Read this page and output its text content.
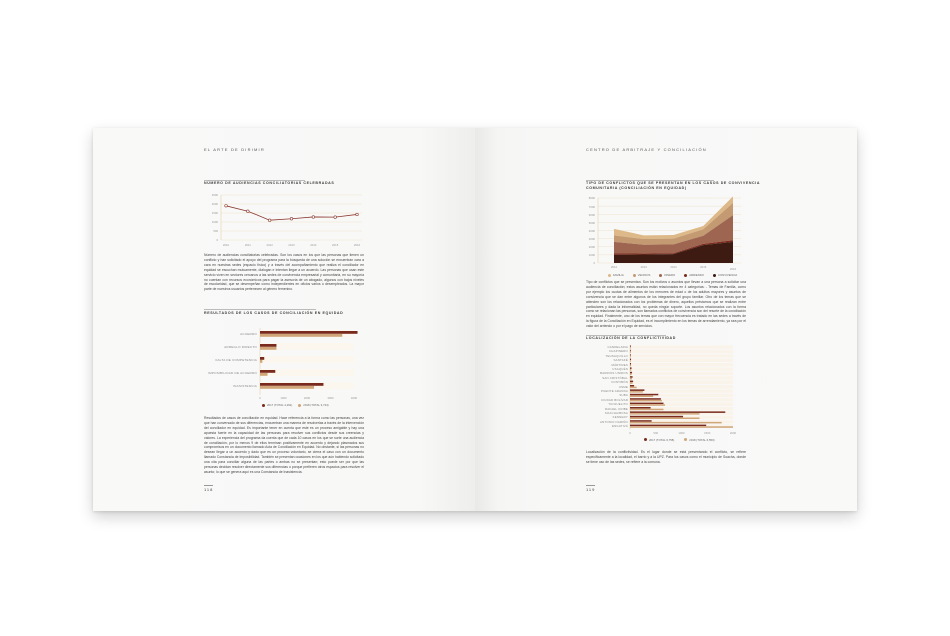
EL ARTE DE DIRIMIR
NÚMERO DE AUDIENCIAS CONCILIATORIAS CELEBRADAS
0
500
1000
1500
2000
2500
2010	2011	2012	2013	2014	2015	2016
Número de audiencias conciliatorias celebradas. Son los casos en los que las personas que tienen un conflicto y han solicitado el apoyo del programa para la búsqueda de una solución se encuentran cara a cara en nuestras sedes (espacio físico) y a través del acompañamiento que realiza el conciliador en equidad se escuchan mutuamente, dialogan e intentan llegar a un acuerdo. Las personas que usan este servicio viven en sectores cercanos a las sedes de convivencia empresarial y comunitaria, en su mayoría no cuentan con recursos económicos para pagar la asesoría de un abogado, algunos con bajos niveles de escolaridad, que se desempeñan como independientes en oficios varios o desempleados. La mayor parte de nuestros usuarios pertenecen al género femenino.
RESULTADOS DE LOS CASOS DE CONCILIACIÓN EN EQUIDAD
ACUERDO
ARREGLO DIRECTO
FALTA DE COMPETENCIA
IMPOSIBILIDAD DE ACUERDO
INASISTENCIA
0	1000	2000	3000	4000
2017 (TOTAL 4,291)	2018 (TOTAL 3,744)
Resultados de casos de conciliación en equidad. Hace referencia a la forma como las personas, una vez que han conversado de sus diferencias, encuentran una manera de resolverlas a través de la intervención del conciliador en equidad. Es importante tener en cuenta que este es un proceso amigable y hay una apuesta fuerte en la capacidad de las personas para resolver sus conflictos desde sus creencias y valores. La experiencia del programa da cuenta que de cada 10 casos en los que se surte una audiencia de conciliación, por lo menos 9 de ellos terminan positivamente en acuerdo y dejando plasmados sus compromisos en un documento llamado Acta de Conciliación en Equidad. No obstante, si las personas no desean llegar a un acuerdo y dado que es un proceso voluntario, se cierra el caso con un documento llamado Constancia de Imposibilidad. También se presentan ocasiones en los que aún habiendo solicitado una cita para conciliar alguna de las partes o ambas no se presentan; esto puede ser por que las personas decidan resolver directamente sus diferencias o porque prefieren otros espacios para resolver el asunto; lo que se genera aquí es una Constancia de Inasistencia.
118
CENTRO DE ARBITRAJE Y CONCILIACIÓN
TIPO DE CONFLICTOS QUE SE PRESENTAN EN LOS CASOS DE CONVIVENCIA
COMUNITARIA (CONCILIACIÓN EN EQUIDAD)
0
1000
2000
3000
4000
5000
6000
7000
8000
2012	2013	2014	2015	2016
FAMILIA	VECINOS	DINERO	ARRIENDO	CONVIVENCIA
Tipo de conflictos que se presentan. Son los motivos o asuntos que llevan a una persona a solicitar una audiencia de conciliación; estos asuntos están relacionados en 4 categorías: - Temas de Familia, como por ejemplo los cuotas de alimentos de los menores de edad o de los adultos mayores y asuntos de convivencia que se dan entre algunos de los integrantes del grupo familiar. Otro de los temas que se atienden son los relacionados con los problemas de dinero, aquellos préstamos que se realizan entre particulares y dada la informalidad, no queda ningún soporte. Los asuntos relacionados con la forma como se relacionan las personas, son llamados conflictos de convivencia son del resorte de la conciliación en equidad. Finalmente, uno de los temas que con mayor frecuencia es tratado en las sedes a través de la figura de la Conciliación en Equidad, es el incumplimiento en los temas de arrendamiento, ya sea por el valor del arriendo o por el pago de servicios.
LOCALIZACIÓN DE LA CONFLICTIVIDAD
CANDELARIA
CHAPINERO
TEUSAQUILLO
SANTAFÉ
MÁRTIRES
USAQUÉN
BARRIOS UNIDOS
SAN CRISTÓBAL
FONTIBÓN
USME
PUENTE ARANDA
SUBA
CIUDAD BOLÍVAR
TUNJUELITO
RAFAEL URIBE
SOACHA/BOSA
KENNEDY
ANTONIO NARIÑO
ENGATIVÁ
0	500	1000	1500	2000
2017 (TOTAL 6,758)	2018 (TOTAL 6,550)
Localización de la conflictividad. Es el lugar donde se está presentando el conflicto, se refiere específicamente a la localidad, el barrio y a la UPZ. Para los casos como el municipio de Soacha, donde se tiene uso de las sedes, se refiere a la comuna.
119
